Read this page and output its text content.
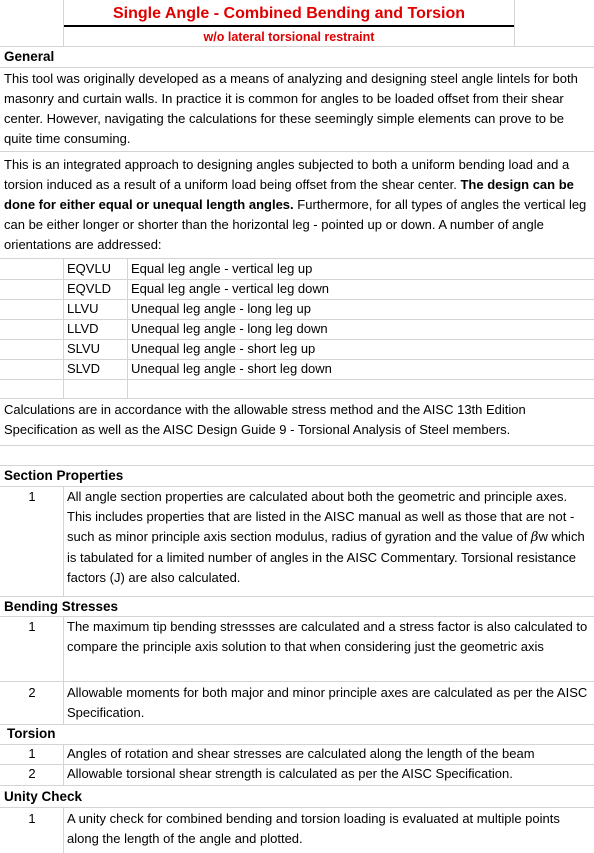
Single Angle - Combined Bending and Torsion
w/o lateral torsional restraint
General
This tool was originally developed as a means of analyzing and designing steel angle lintels for both masonry and curtain walls. In practice it is common for angles to be loaded offset from their shear center. However, navigating the calculations for these seemingly simple elements can prove to be quite time consuming.
This is an integrated approach to designing angles subjected to both a uniform bending load and a torsion induced as a result of a uniform load being offset from the shear center. The design can be done for either equal or unequal length angles. Furthermore, for all types of angles the vertical leg can be either longer or shorter than the horizontal leg - pointed up or down. A number of angle orientations are addressed:
EQVLU Equal leg angle - vertical leg up
EQVLD Equal leg angle - vertical leg down
LLVU Unequal leg angle - long leg up
LLVD Unequal leg angle - long leg down
SLVU Unequal leg angle - short leg up
SLVD Unequal leg angle - short leg down
Calculations are in accordance with the allowable stress method and the AISC 13th Edition Specification as well as the AISC Design Guide 9 - Torsional Analysis of Steel members.
Section Properties
1	All angle section properties are calculated about both the geometric and principle axes. This includes properties that are listed in the AISC manual as well as those that are not - such as minor principle axis section modulus, radius of gyration and the value of βw which is tabulated for a limited number of angles in the AISC Commentary. Torsional resistance factors (J) are also calculated.
Bending Stresses
1	The maximum tip bending stressses are calculated and a stress factor is also calculated to compare the principle axis solution to that when considering just the geometric axis
2	Allowable moments for both major and minor principle axes are calculated as per the AISC Specification.
Torsion
1	Angles of rotation and shear stresses are calculated along the length of the beam
2	Allowable torsional shear strength is calculated as per the AISC Specification.
Unity Check
1	A unity check for combined bending and torsion loading is evaluated at multiple points along the length of the angle and plotted.
